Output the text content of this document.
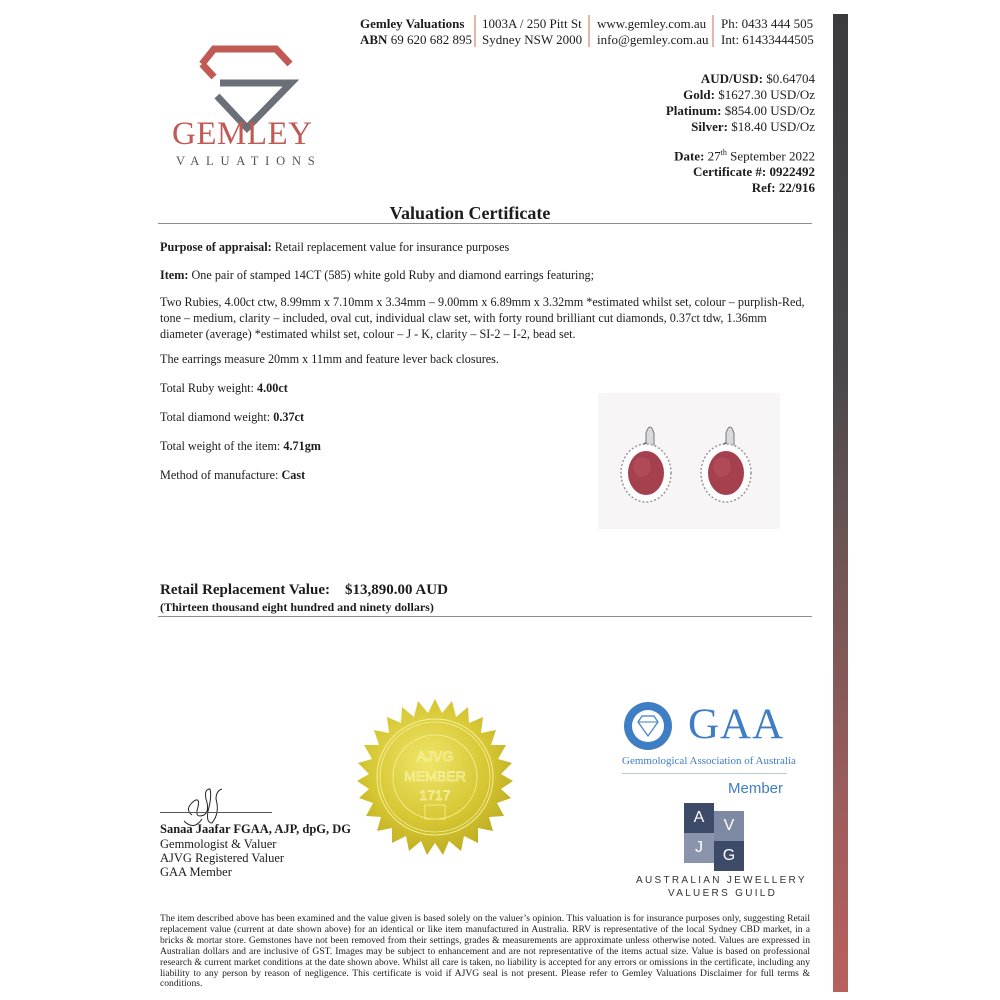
GEMLEY
VALUATIONS
Gemley Valuations
ABN 69 620 682 895
1003A / 250 Pitt St
Sydney NSW 2000
www.gemley.com.au
info@gemley.com.au
Ph: 0433 444 505
Int: 61433444505
AUD/USD: $0.64704
Gold: $1627.30 USD/Oz
Platinum: $854.00 USD/Oz
Silver: $18.40 USD/Oz
Date: 27th September 2022
Certificate #: 0922492
Ref: 22/916
Valuation Certificate
Purpose of appraisal: Retail replacement value for insurance purposes
Item: One pair of stamped 14CT (585) white gold Ruby and diamond earrings featuring;
Two Rubies, 4.00ct ctw, 8.99mm x 7.10mm x 3.34mm – 9.00mm x 6.89mm x 3.32mm *estimated whilst set, colour – purplish-Red, tone – medium, clarity – included, oval cut, individual claw set, with forty round brilliant cut diamonds, 0.37ct tdw, 1.36mm diameter (average) *estimated whilst set, colour – J - K, clarity – SI-2 – I-2, bead set.
The earrings measure 20mm x 11mm and feature lever back closures.
Total Ruby weight: 4.00ct
Total diamond weight: 0.37ct
Total weight of the item: 4.71gm
Method of manufacture: Cast
Retail Replacement Value: $13,890.00 AUD
(Thirteen thousand eight hundred and ninety dollars)
AJVG
MEMBER
1717
GAA
Gemmological Association of Australia
Member
A	V
J	G
AUSTRALIAN JEWELLERY
VALUERS GUILD
Sanaa Jaafar FGAA, AJP, dpG, DG
Gemmologist & Valuer
AJVG Registered Valuer
GAA Member
The item described above has been examined and the value given is based solely on the valuer’s opinion. This valuation is for insurance purposes only, suggesting Retail replacement value (current at date shown above) for an identical or like item manufactured in Australia. RRV is representative of the local Sydney CBD market, in a bricks & mortar store. Gemstones have not been removed from their settings, grades & measurements are approximate unless otherwise noted. Values are expressed in Australian dollars and are inclusive of GST. Images may be subject to enhancement and are not representative of the items actual size. Value is based on professional research & current market conditions at the date shown above. Whilst all care is taken, no liability is accepted for any errors or omissions in the certificate, including any liability to any person by reason of negligence. This certificate is void if AJVG seal is not present. Please refer to Gemley Valuations Disclaimer for full terms & conditions.
